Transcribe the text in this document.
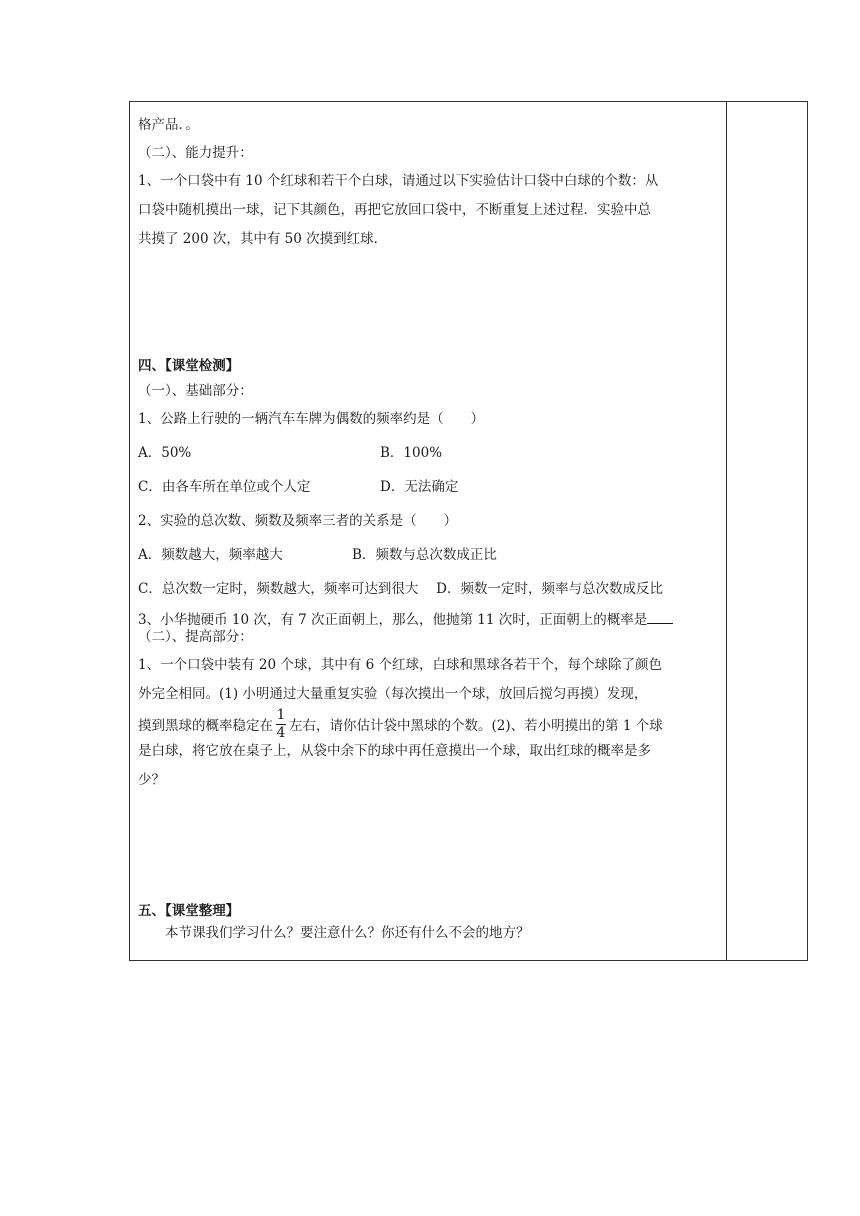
格产品．。
（二）、能力提升：
1、一个口袋中有 10 个红球和若干个白球，请通过以下实验估计口袋中白球的个数：从
口袋中随机摸出一球，记下其颜色，再把它放回口袋中，不断重复上述过程．实验中总
共摸了 200 次，其中有 50 次摸到红球．
四、【课堂检测】
（一）、基础部分：
1、公路上行驶的一辆汽车车牌为偶数的频率约是（　　）
A．50%	B．100%
C．由各车所在单位或个人定	D．无法确定
2、实验的总次数、频数及频率三者的关系是（　　）
A．频数越大，频率越大	B．频数与总次数成正比
C．总次数一定时，频数越大，频率可达到很大　 D．频数一定时，频率与总次数成反比
3、小华抛硬币 10 次，有 7 次正面朝上，那么，他抛第 11 次时，正面朝上的概率是
（二）、提高部分：
1、一个口袋中装有 20 个球，其中有 6 个红球，白球和黑球各若干个，每个球除了颜色
外完全相同。(1) 小明通过大量重复实验（每次摸出一个球，放回后搅匀再摸）发现，
摸到黑球的概率稳定在 $\frac{1}{4}$ 左右，请你估计袋中黑球的个数。(2)、若小明摸出的第 1 个球
是白球，将它放在桌子上，从袋中余下的球中再任意摸出一个球，取出红球的概率是多
少？
五、【课堂整理】
　　本节课我们学习什么？要注意什么？你还有什么不会的地方？
